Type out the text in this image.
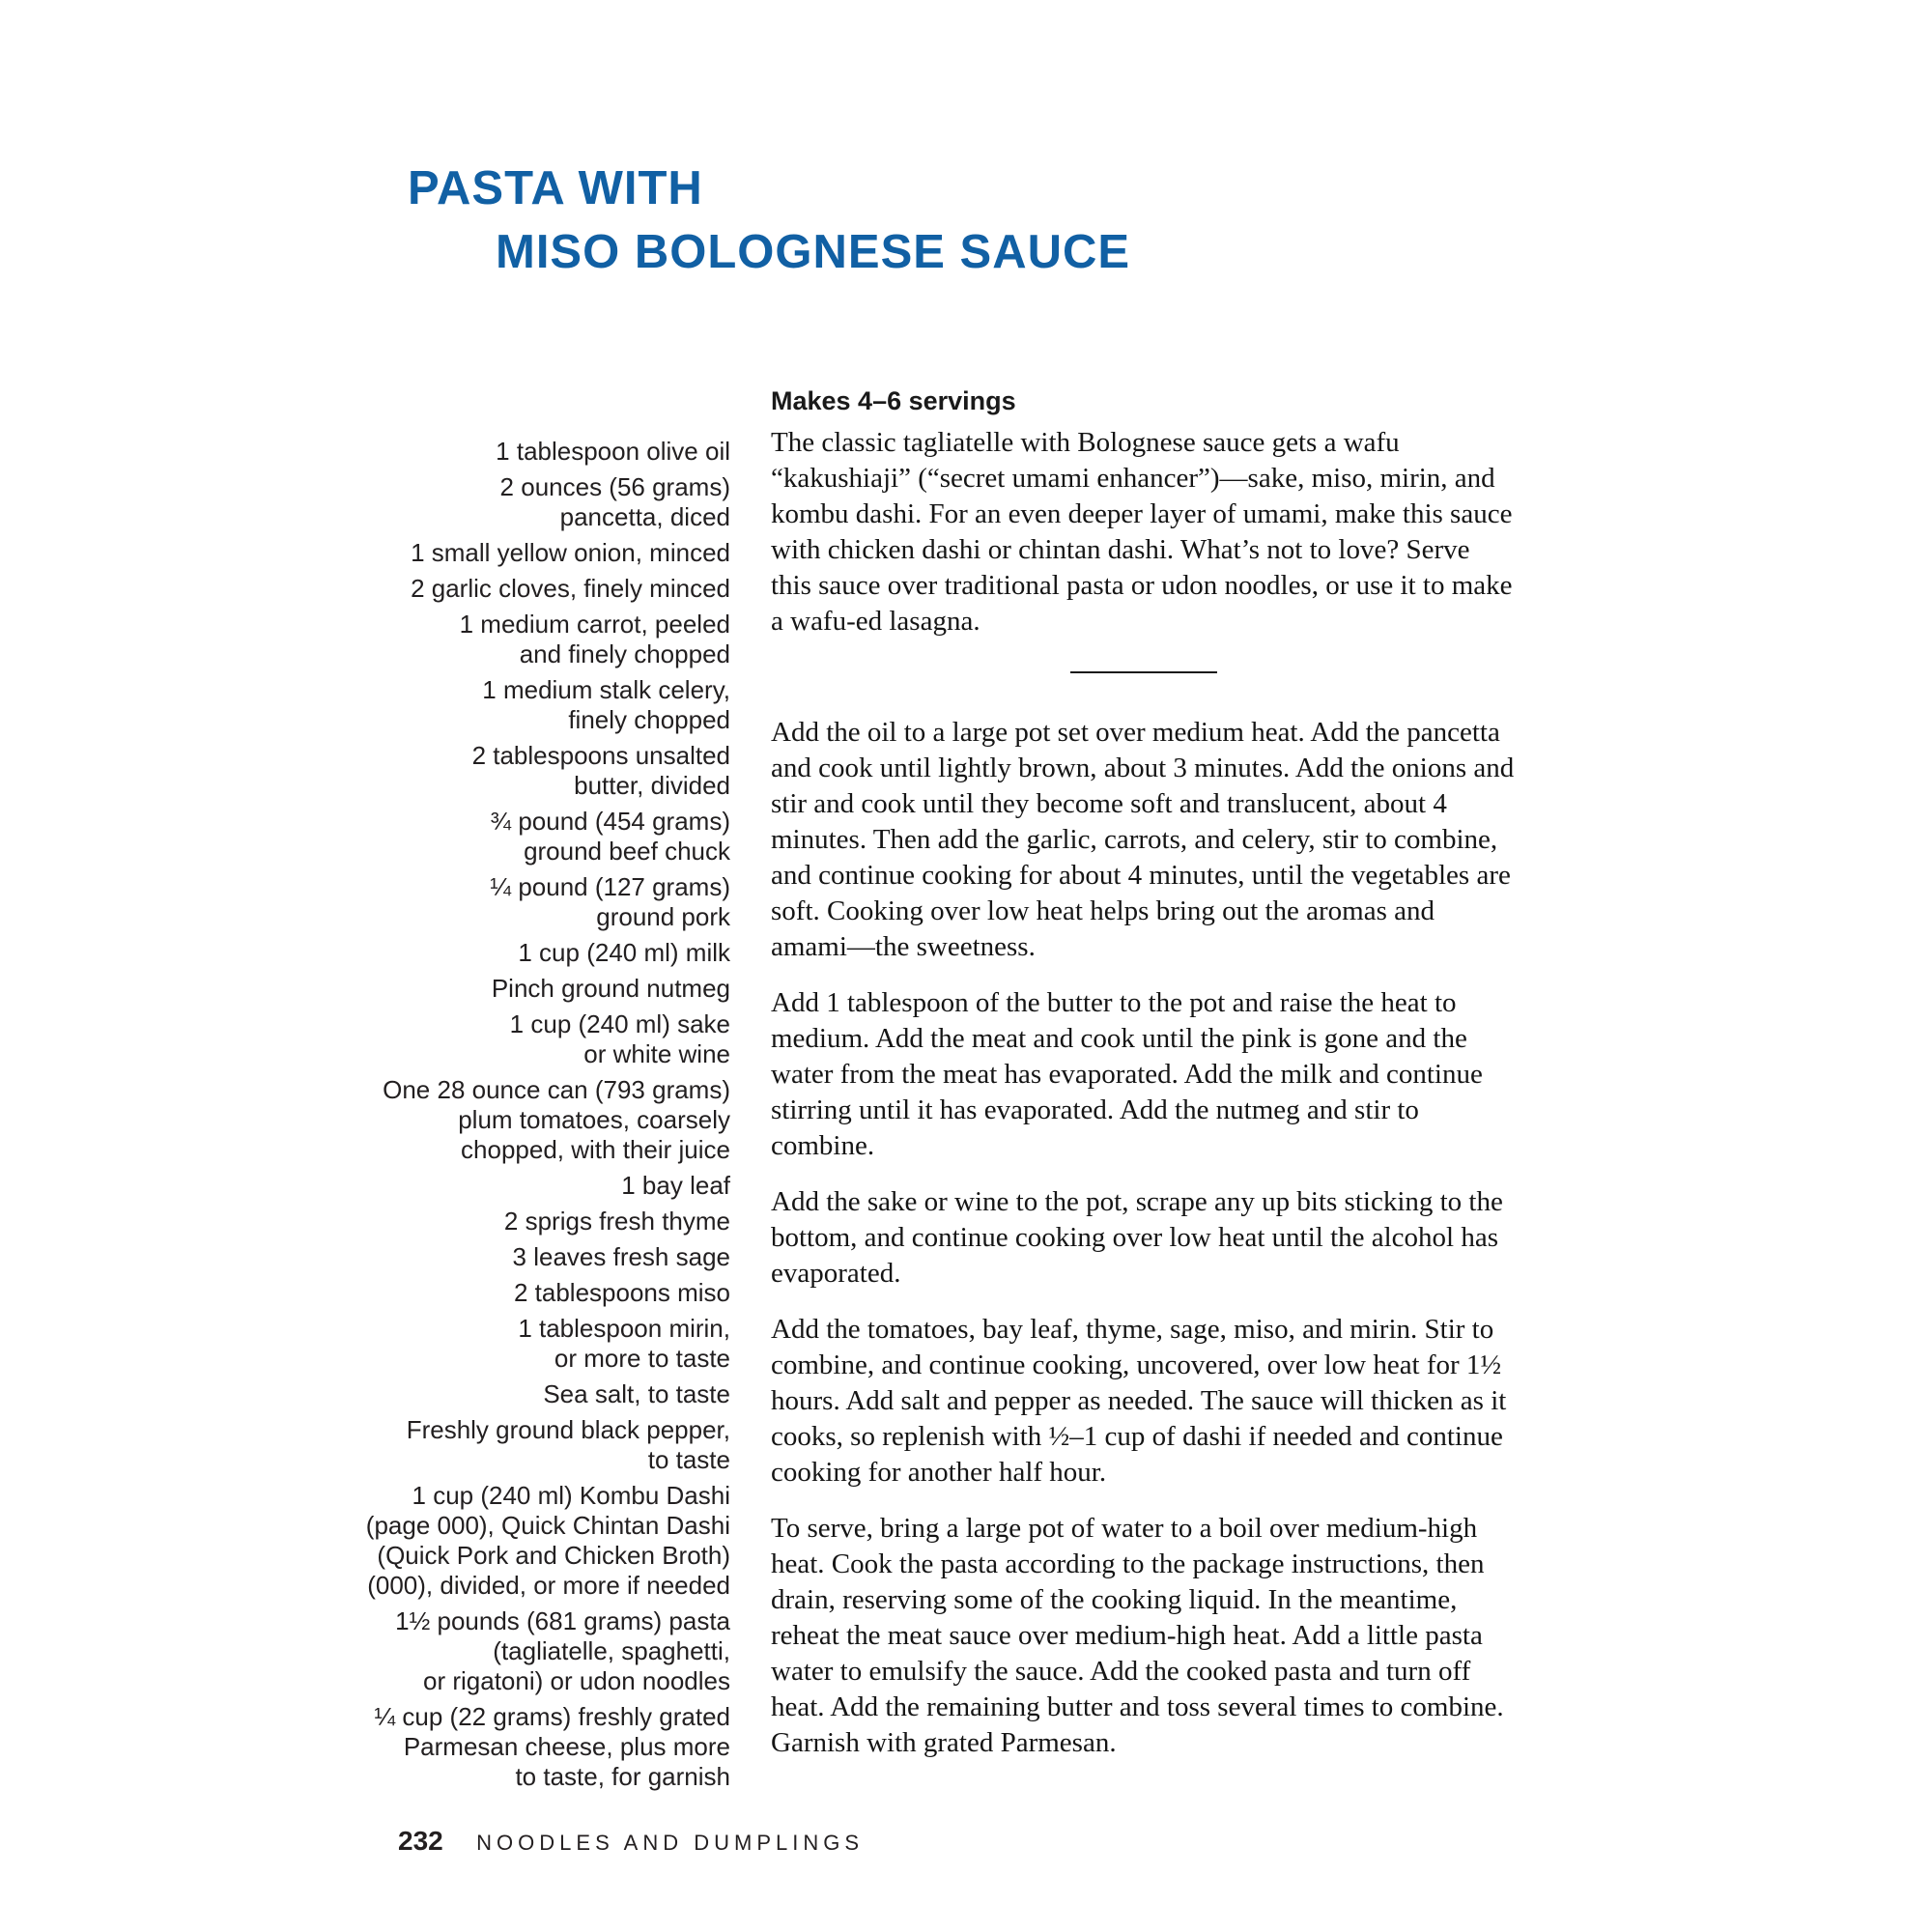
PASTA WITH
MISO BOLOGNESE SAUCE
Makes 4–6 servings
1 tablespoon olive oil
2 ounces (56 grams)
pancetta, diced
1 small yellow onion, minced
2 garlic cloves, finely minced
1 medium carrot, peeled
and finely chopped
1 medium stalk celery,
finely chopped
2 tablespoons unsalted
butter, divided
¾ pound (454 grams)
ground beef chuck
¼ pound (127 grams)
ground pork
1 cup (240 ml) milk
Pinch ground nutmeg
1 cup (240 ml) sake
or white wine
One 28 ounce can (793 grams)
plum tomatoes, coarsely
chopped, with their juice
1 bay leaf
2 sprigs fresh thyme
3 leaves fresh sage
2 tablespoons miso
1 tablespoon mirin,
or more to taste
Sea salt, to taste
Freshly ground black pepper,
to taste
1 cup (240 ml) Kombu Dashi
(page 000), Quick Chintan Dashi
(Quick Pork and Chicken Broth)
(000), divided, or more if needed
1½ pounds (681 grams) pasta
(tagliatelle, spaghetti,
or rigatoni) or udon noodles
¼ cup (22 grams) freshly grated
Parmesan cheese, plus more
to taste, for garnish

The classic tagliatelle with Bolognese sauce gets a wafu “kakushiaji” (“secret umami enhancer”)—sake, miso, mirin, and kombu dashi. For an even deeper layer of umami, make this sauce with chicken dashi or chintan dashi. What’s not to love? Serve this sauce over traditional pasta or udon noodles, or use it to make a wafu-ed lasagna.

Add the oil to a large pot set over medium heat. Add the pancetta and cook until lightly brown, about 3 minutes. Add the onions and stir and cook until they become soft and translucent, about 4 minutes. Then add the garlic, carrots, and celery, stir to combine, and continue cooking for about 4 minutes, until the vegetables are soft. Cooking over low heat helps bring out the aromas and amami—the sweetness.

Add 1 tablespoon of the butter to the pot and raise the heat to medium. Add the meat and cook until the pink is gone and the water from the meat has evaporated. Add the milk and continue stirring until it has evaporated. Add the nutmeg and stir to combine.

Add the sake or wine to the pot, scrape any up bits sticking to the bottom, and continue cooking over low heat until the alcohol has evaporated.

Add the tomatoes, bay leaf, thyme, sage, miso, and mirin. Stir to combine, and continue cooking, uncovered, over low heat for 1½ hours. Add salt and pepper as needed. The sauce will thicken as it cooks, so replenish with ½–1 cup of dashi if needed and continue cooking for another half hour.

To serve, bring a large pot of water to a boil over medium-high heat. Cook the pasta according to the package instructions, then drain, reserving some of the cooking liquid. In the meantime, reheat the meat sauce over medium-high heat. Add a little pasta water to emulsify the sauce. Add the cooked pasta and turn off heat. Add the remaining butter and toss several times to combine. Garnish with grated Parmesan.

232 NOODLES AND DUMPLINGS
